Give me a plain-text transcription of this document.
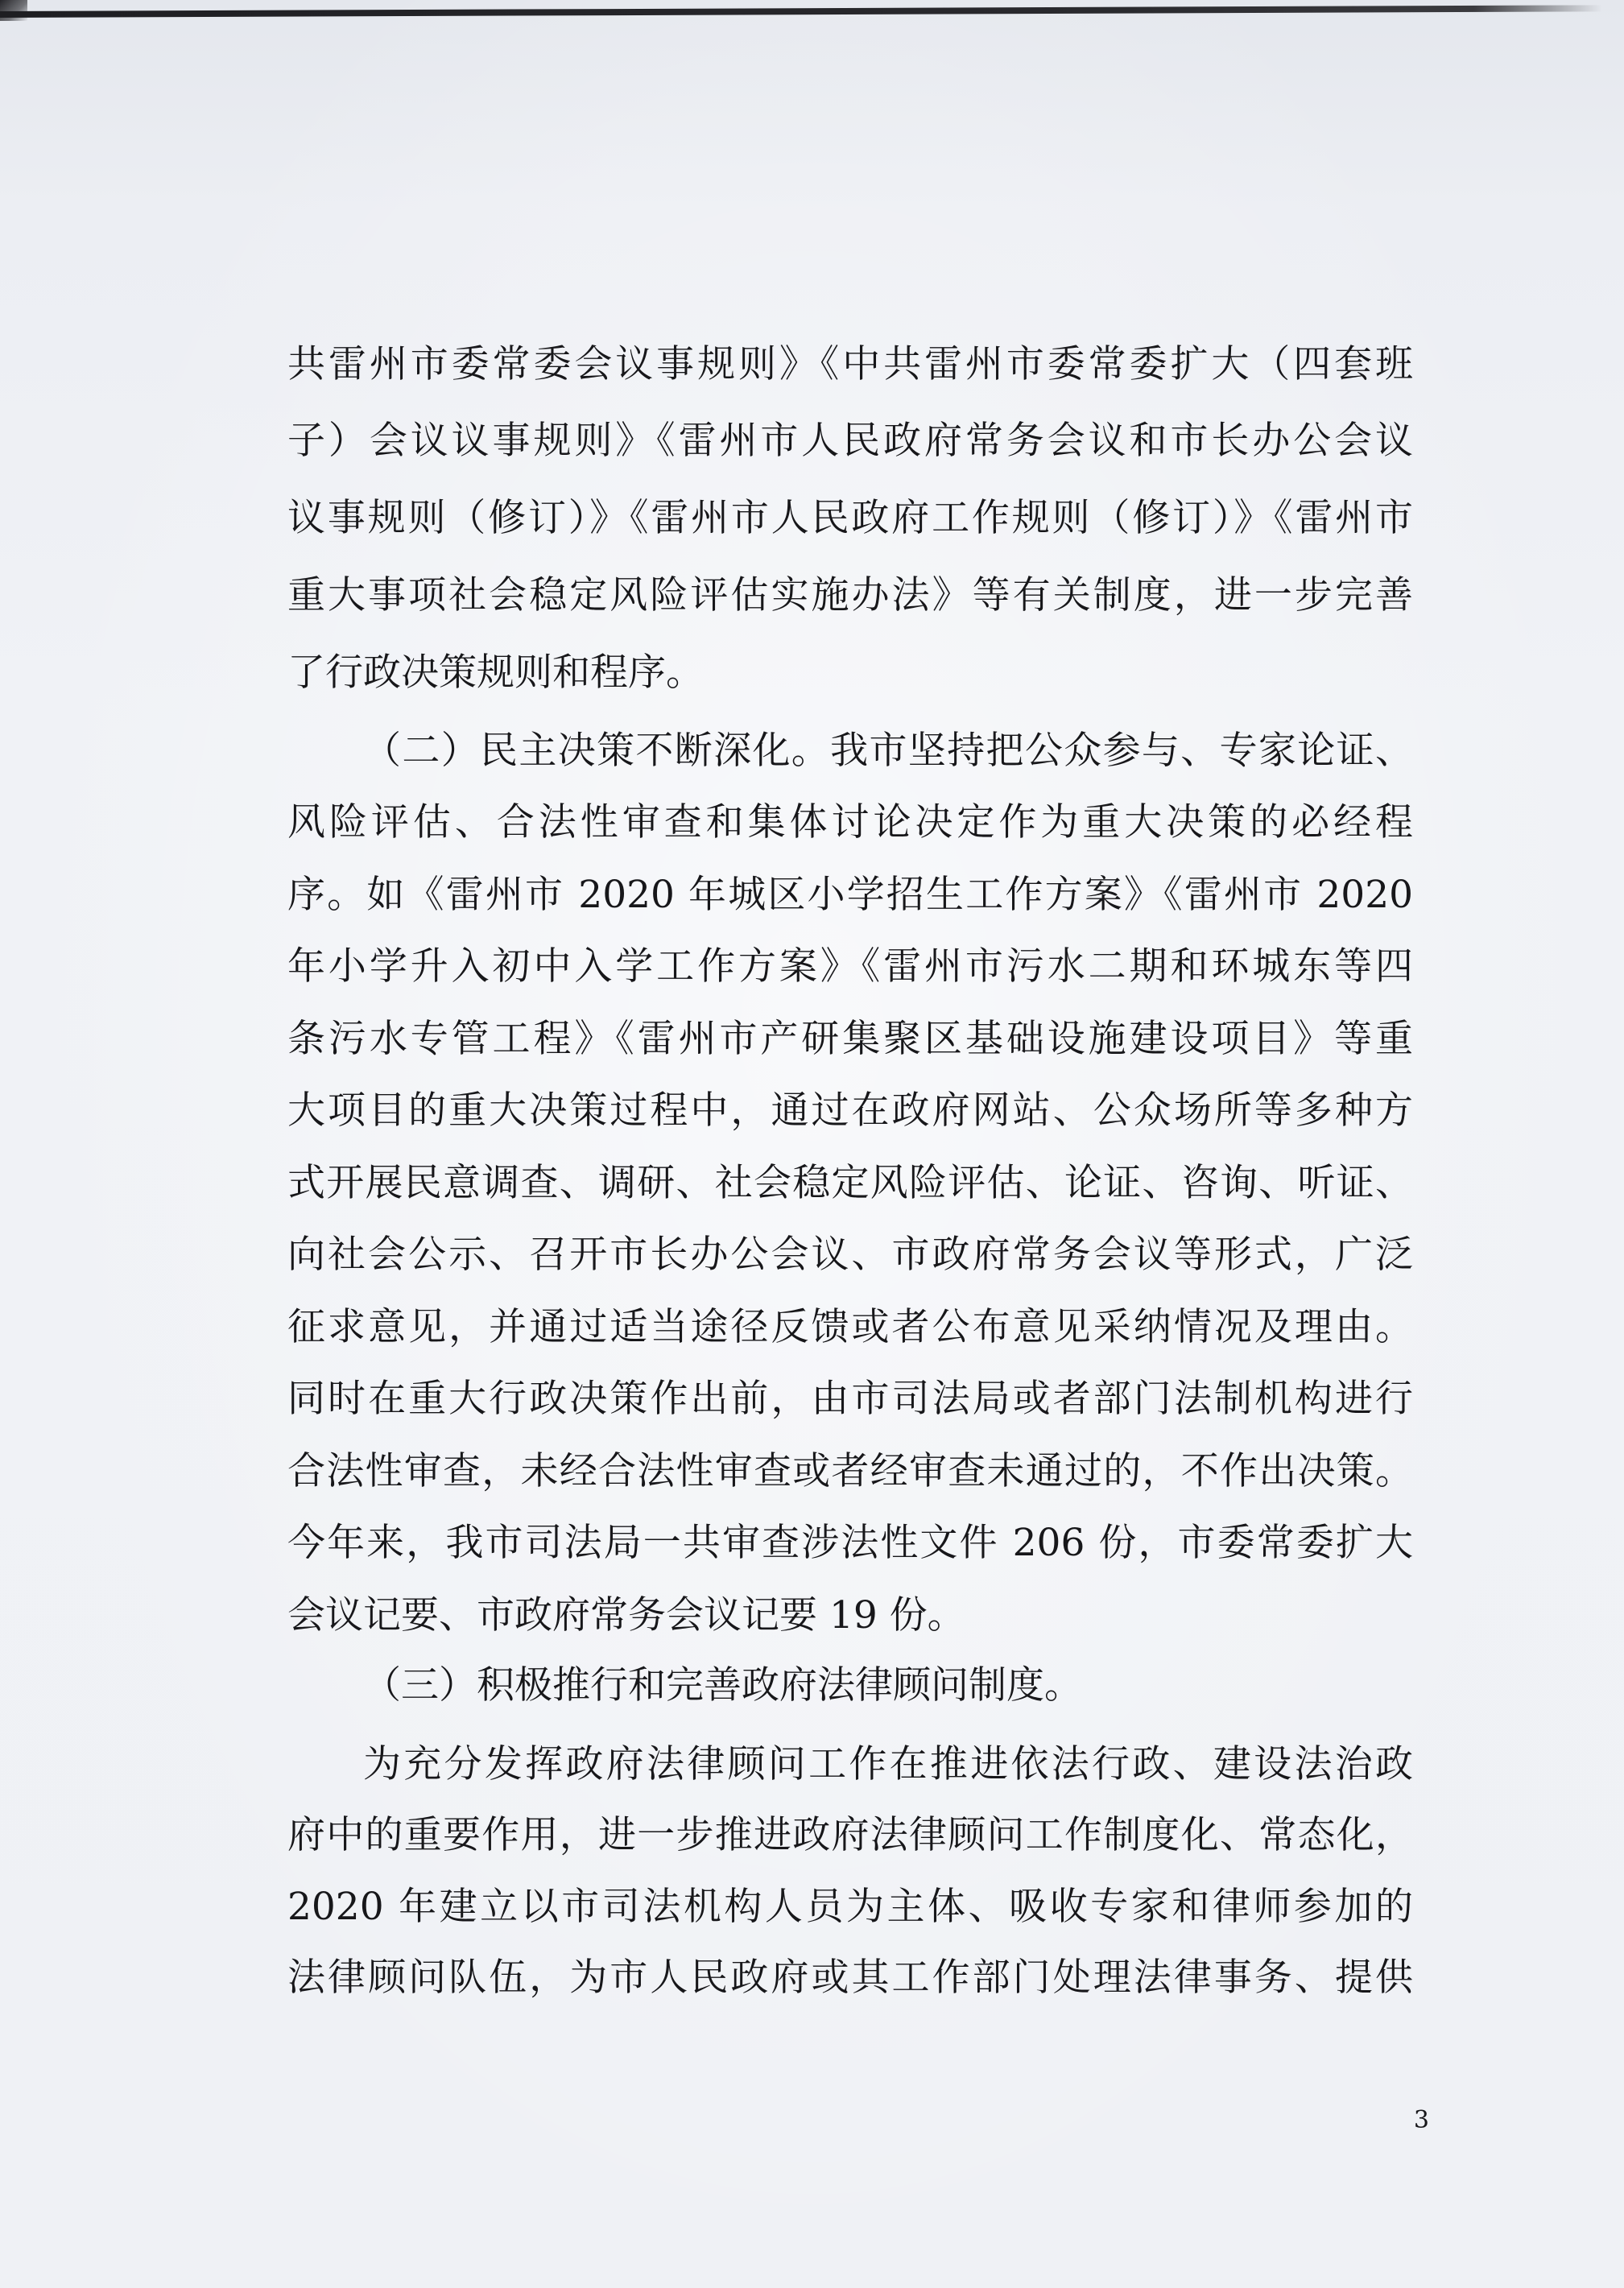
共雷州市委常委会议事规则》《中共雷州市委常委扩大（四套班
子）会议议事规则》《雷州市人民政府常务会议和市长办公会议
议事规则（修订）》《雷州市人民政府工作规则（修订）》《雷州市
重大事项社会稳定风险评估实施办法》等有关制度，进一步完善
了行政决策规则和程序。
（二）民主决策不断深化。我市坚持把公众参与、专家论证、
风险评估、合法性审查和集体讨论决定作为重大决策的必经程
序。如《雷州市 2020 年城区小学招生工作方案》《雷州市 2020
年小学升入初中入学工作方案》《雷州市污水二期和环城东等四
条污水专管工程》《雷州市产研集聚区基础设施建设项目》等重
大项目的重大决策过程中，通过在政府网站、公众场所等多种方
式开展民意调查、调研、社会稳定风险评估、论证、咨询、听证、
向社会公示、召开市长办公会议、市政府常务会议等形式，广泛
征求意见，并通过适当途径反馈或者公布意见采纳情况及理由。
同时在重大行政决策作出前，由市司法局或者部门法制机构进行
合法性审查，未经合法性审查或者经审查未通过的，不作出决策。
今年来，我市司法局一共审查涉法性文件 206 份，市委常委扩大
会议记要、市政府常务会议记要 19 份。
（三）积极推行和完善政府法律顾问制度。
为充分发挥政府法律顾问工作在推进依法行政、建设法治政
府中的重要作用，进一步推进政府法律顾问工作制度化、常态化，
2020 年建立以市司法机构人员为主体、吸收专家和律师参加的
法律顾问队伍，为市人民政府或其工作部门处理法律事务、提供
3
